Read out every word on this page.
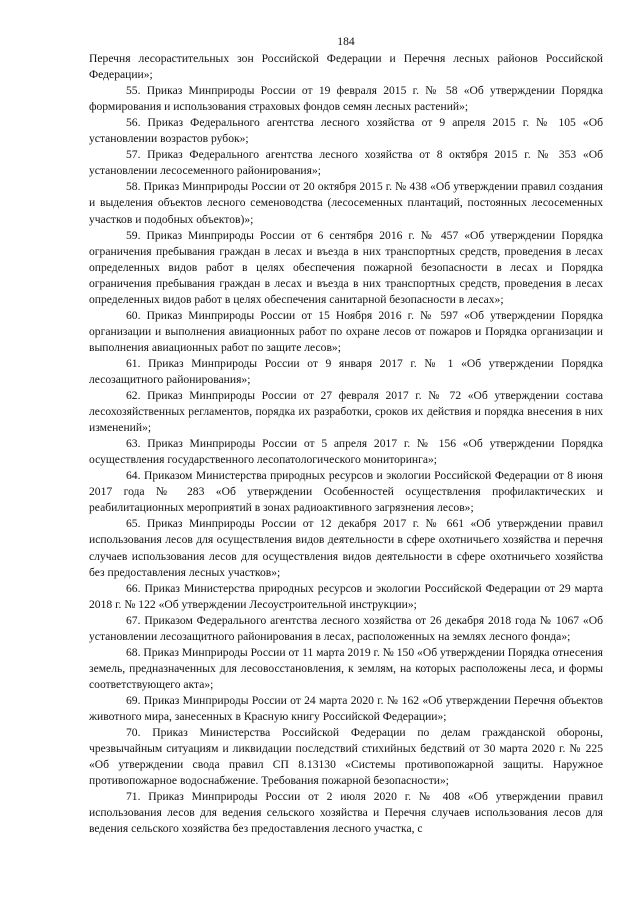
184

Перечня лесорастительных зон Российской Федерации и Перечня лесных районов Российской Федерации»;

55. Приказ Минприроды России от 19 февраля 2015 г. № 58 «Об утверждении Порядка формирования и использования страховых фондов семян лесных растений»;

56. Приказ Федерального агентства лесного хозяйства от 9 апреля 2015 г. № 105 «Об установлении возрастов рубок»;

57. Приказ Федерального агентства лесного хозяйства от 8 октября 2015 г. № 353 «Об установлении лесосеменного районирования»;

58. Приказ Минприроды России от 20 октября 2015 г. № 438 «Об утверждении правил создания и выделения объектов лесного семеноводства (лесосеменных плантаций, постоянных лесосеменных участков и подобных объектов)»;

59. Приказ Минприроды России от 6 сентября 2016 г. № 457 «Об утверждении Порядка ограничения пребывания граждан в лесах и въезда в них транспортных средств, проведения в лесах определенных видов работ в целях обеспечения пожарной безопасности в лесах и Порядка ограничения пребывания граждан в лесах и въезда в них транспортных средств, проведения в лесах определенных видов работ в целях обеспечения санитарной безопасности в лесах»;

60. Приказ Минприроды России от 15 Ноября 2016 г. № 597 «Об утверждении Порядка организации и выполнения авиационных работ по охране лесов от пожаров и Порядка организации и выполнения авиационных работ по защите лесов»;

61. Приказ Минприроды России от 9 января 2017 г. № 1 «Об утверждении Порядка лесозащитного районирования»;

62. Приказ Минприроды России от 27 февраля 2017 г. № 72 «Об утверждении состава лесохозяйственных регламентов, порядка их разработки, сроков их действия и порядка внесения в них изменений»;

63. Приказ Минприроды России от 5 апреля 2017 г. № 156 «Об утверждении Порядка осуществления государственного лесопатологического мониторинга»;

64. Приказом Министерства природных ресурсов и экологии Российской Федерации от 8 июня 2017 года № 283 «Об утверждении Особенностей осуществления профилактических и реабилитационных мероприятий в зонах радиоактивного загрязнения лесов»;

65. Приказ Минприроды России от 12 декабря 2017 г. № 661 «Об утверждении правил использования лесов для осуществления видов деятельности в сфере охотничьего хозяйства и перечня случаев использования лесов для осуществления видов деятельности в сфере охотничьего хозяйства без предоставления лесных участков»;

66. Приказ Министерства природных ресурсов и экологии Российской Федерации от 29 марта 2018 г. № 122 «Об утверждении Лесоустроительной инструкции»;

67. Приказом Федерального агентства лесного хозяйства от 26 декабря 2018 года № 1067 «Об установлении лесозащитного районирования в лесах, расположенных на землях лесного фонда»;

68. Приказ Минприроды России от 11 марта 2019 г. № 150 «Об утверждении Порядка отнесения земель, предназначенных для лесовосстановления, к землям, на которых расположены леса, и формы соответствующего акта»;

69. Приказ Минприроды России от 24 марта 2020 г. № 162 «Об утверждении Перечня объектов животного мира, занесенных в Красную книгу Российской Федерации»;

70. Приказ Министерства Российской Федерации по делам гражданской обороны, чрезвычайным ситуациям и ликвидации последствий стихийных бедствий от 30 марта 2020 г. № 225 «Об утверждении свода правил СП 8.13130 «Системы противопожарной защиты. Наружное противопожарное водоснабжение. Требования пожарной безопасности»;

71. Приказ Минприроды России от 2 июля 2020 г. № 408 «Об утверждении правил использования лесов для ведения сельского хозяйства и Перечня случаев использования лесов для ведения сельского хозяйства без предоставления лесного участка, с
